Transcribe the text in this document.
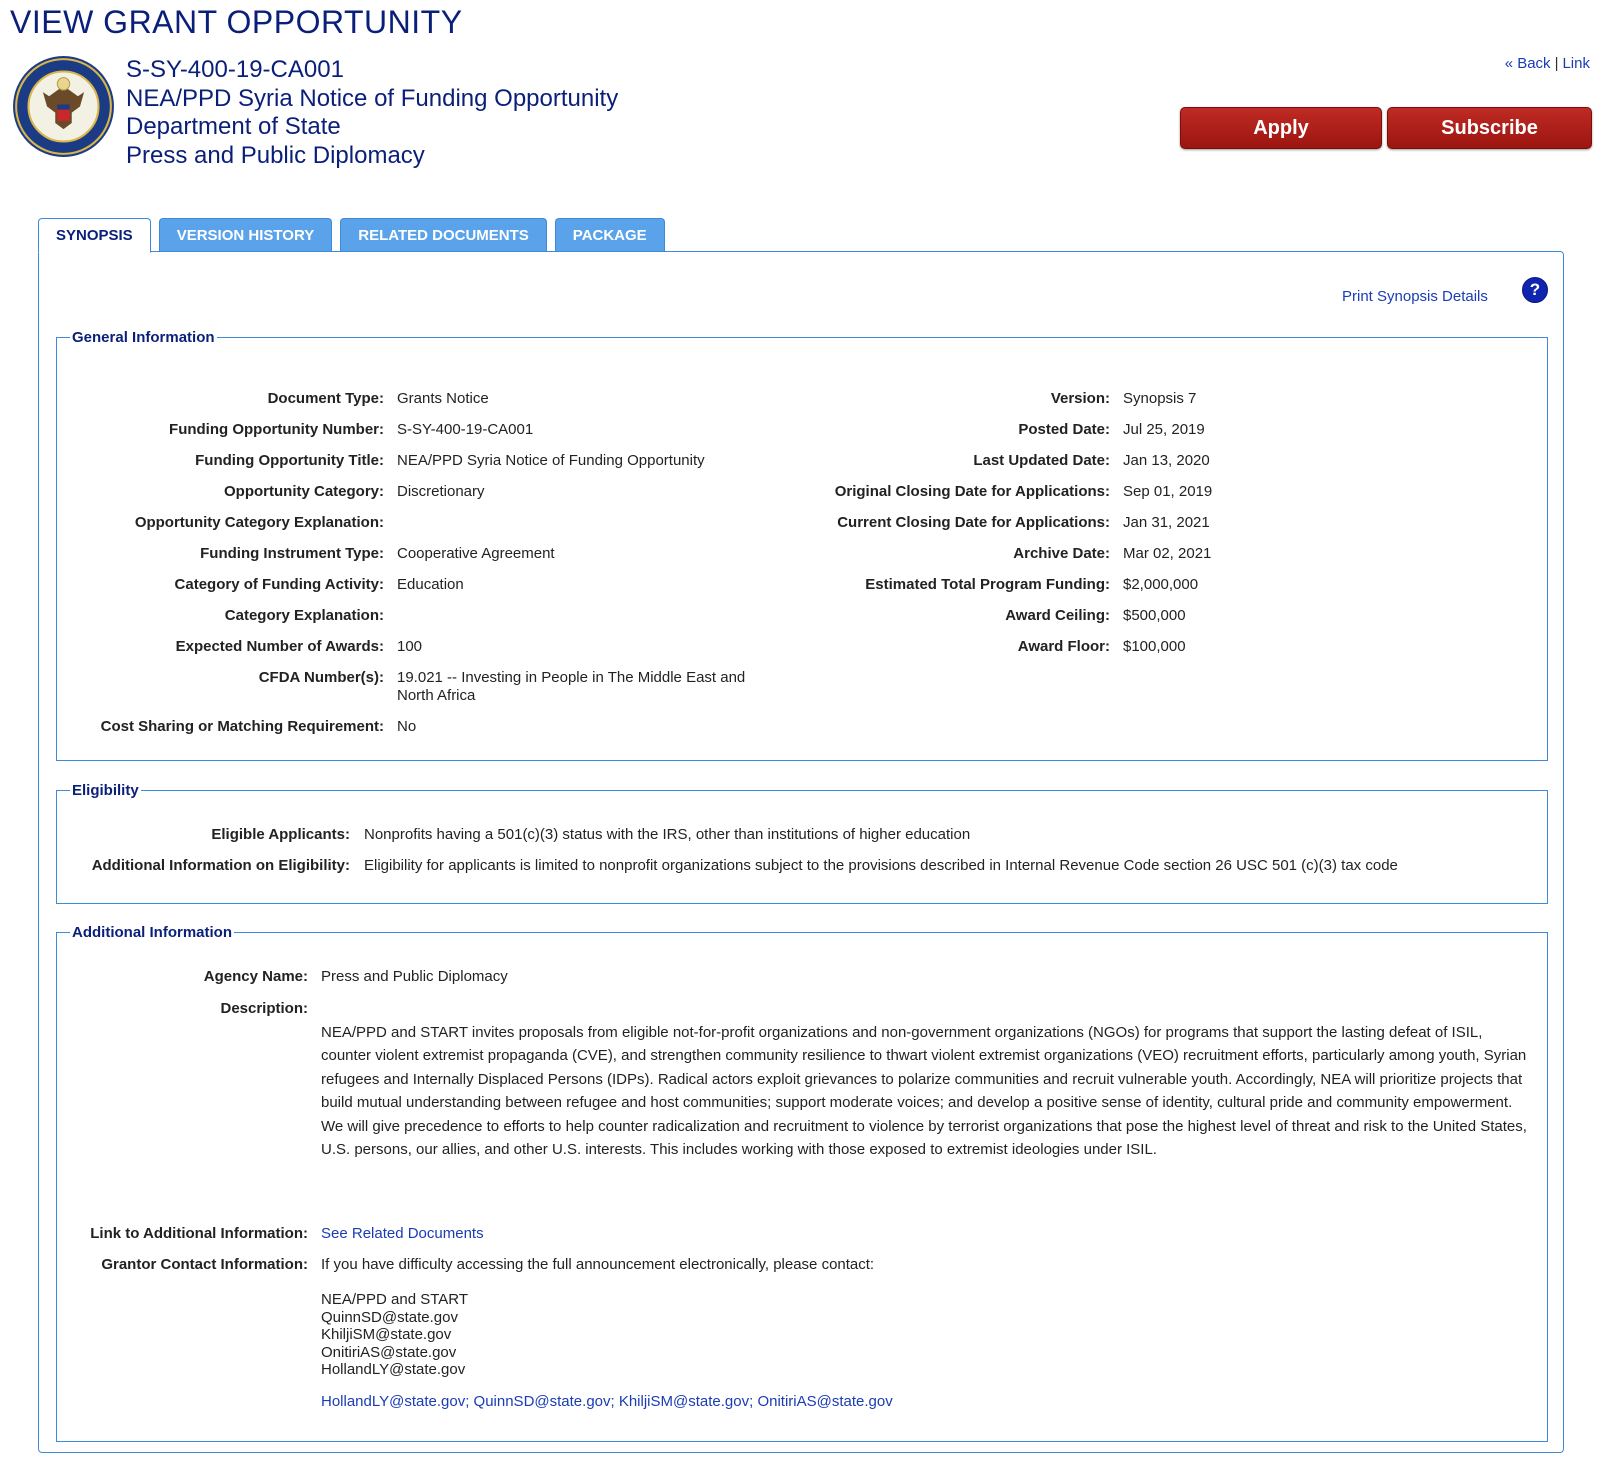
VIEW GRANT OPPORTUNITY
S-SY-400-19-CA001
NEA/PPD Syria Notice of Funding Opportunity
Department of State
Press and Public Diplomacy
« Back | Link
Apply	Subscribe
SYNOPSIS	VERSION HISTORY	RELATED DOCUMENTS	PACKAGE
Print Synopsis Details	?
General Information
Document Type: Grants Notice
Funding Opportunity Number: S-SY-400-19-CA001
Funding Opportunity Title: NEA/PPD Syria Notice of Funding Opportunity
Opportunity Category: Discretionary
Opportunity Category Explanation:
Funding Instrument Type: Cooperative Agreement
Category of Funding Activity: Education
Category Explanation:
Expected Number of Awards: 100
CFDA Number(s): 19.021 -- Investing in People in The Middle East and
North Africa
Cost Sharing or Matching Requirement: No
Version: Synopsis 7
Posted Date: Jul 25, 2019
Last Updated Date: Jan 13, 2020
Original Closing Date for Applications: Sep 01, 2019
Current Closing Date for Applications: Jan 31, 2021
Archive Date: Mar 02, 2021
Estimated Total Program Funding: $2,000,000
Award Ceiling: $500,000
Award Floor: $100,000
Eligibility
Eligible Applicants: Nonprofits having a 501(c)(3) status with the IRS, other than institutions of higher education
Additional Information on Eligibility: Eligibility for applicants is limited to nonprofit organizations subject to the provisions described in Internal Revenue Code section 26 USC 501 (c)(3) tax code
Additional Information
Agency Name: Press and Public Diplomacy
Description:
NEA/PPD and START invites proposals from eligible not-for-profit organizations and non-government organizations (NGOs) for programs that support the lasting defeat of ISIL, counter violent extremist propaganda (CVE), and strengthen community resilience to thwart violent extremist organizations (VEO) recruitment efforts, particularly among youth, Syrian refugees and Internally Displaced Persons (IDPs). Radical actors exploit grievances to polarize communities and recruit vulnerable youth. Accordingly, NEA will prioritize projects that build mutual understanding between refugee and host communities; support moderate voices; and develop a positive sense of identity, cultural pride and community empowerment. We will give precedence to efforts to help counter radicalization and recruitment to violence by terrorist organizations that pose the highest level of threat and risk to the United States, U.S. persons, our allies, and other U.S. interests. This includes working with those exposed to extremist ideologies under ISIL.
Link to Additional Information: See Related Documents
Grantor Contact Information: If you have difficulty accessing the full announcement electronically, please contact:
NEA/PPD and START
QuinnSD@state.gov
KhiljiSM@state.gov
OnitiriAS@state.gov
HollandLY@state.gov
HollandLY@state.gov; QuinnSD@state.gov; KhiljiSM@state.gov; OnitiriAS@state.gov
